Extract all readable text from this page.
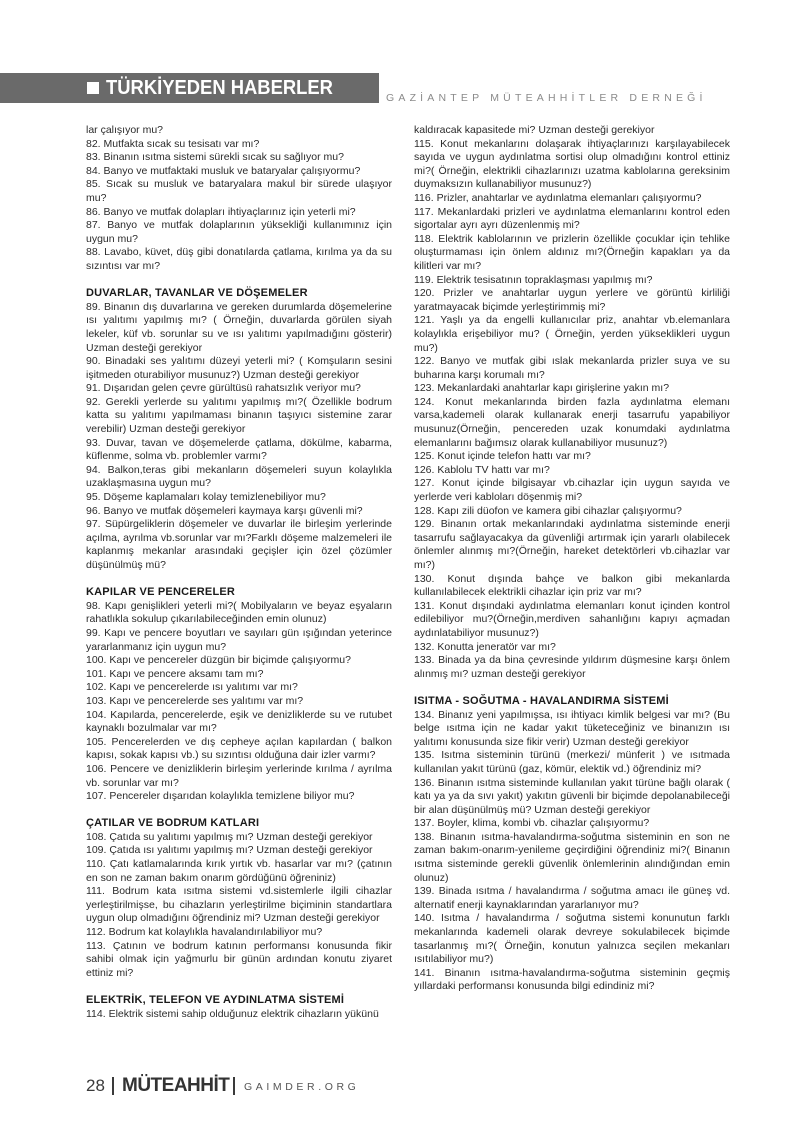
TÜRKİYEDEN HABERLER	GAZİANTEP MÜTEAHHİTLER DERNEĞİ

lar çalışıyor mu?

82. Mutfakta sıcak su tesisatı var mı?

83. Binanın ısıtma sistemi sürekli sıcak su sağlıyor mu?

84. Banyo ve mutfaktaki musluk ve bataryalar çalışıyormu?

85. Sıcak su musluk ve bataryalara makul bir sürede ulaşıyor mu?

86. Banyo ve mutfak dolapları ihtiyaçlarınız için yeterli mi?

87. Banyo ve mutfak dolaplarının yüksekliği kullanımınız için uygun mu?

88. Lavabo, küvet, düş gibi donatılarda çatlama, kırılma ya da su sızıntısı var mı?

DUVARLAR, TAVANLAR VE DÖŞEMELER

89. Binanın dış duvarlarına ve gereken durumlarda döşemelerine ısı yalıtımı yapılmış mı? ( Örneğin, duvarlarda görülen siyah lekeler, küf vb. sorunlar su ve ısı yalıtımı yapılmadığını gösterir) Uzman desteği gerekiyor

90. Binadaki ses yalıtımı düzeyi yeterli mi? ( Komşuların sesini işitmeden oturabiliyor musunuz?) Uzman desteği gerekiyor

91. Dışarıdan gelen çevre gürültüsü rahatsızlık veriyor mu?

92. Gerekli yerlerde su yalıtımı yapılmış mı?( Özellikle bodrum katta su yalıtımı yapılmaması binanın taşıyıcı sistemine zarar verebilir) Uzman desteği gerekiyor

93. Duvar, tavan ve döşemelerde çatlama, dökülme, kabarma, küflenme, solma vb. problemler varmı?

94. Balkon,teras gibi mekanların döşemeleri suyun kolaylıkla uzaklaşmasına uygun mu?

95. Döşeme kaplamaları kolay temizlenebiliyor mu?

96. Banyo ve mutfak döşemeleri kaymaya karşı güvenli mi?

97. Süpürgeliklerin döşemeler ve duvarlar ile birleşim yerlerinde açılma, ayrılma vb.sorunlar var mı?Farklı döşeme malzemeleri ile kaplanmış mekanlar arasındaki geçişler için özel çözümler düşünülmüş mü?

KAPILAR VE PENCERELER

98. Kapı genişlikleri yeterli mi?( Mobilyaların ve beyaz eşyaların rahatlıkla sokulup çıkarılabileceğinden emin olunuz)

99. Kapı ve pencere boyutları ve sayıları gün ışığından yeterince yararlanmanız için uygun mu?

100. Kapı ve pencereler düzgün bir biçimde çalışıyormu?

101. Kapı ve pencere aksamı tam mı?

102. Kapı ve pencerelerde ısı yalıtımı var mı?

103. Kapı ve pencerelerde ses yalıtımı var mı?

104. Kapılarda, pencerelerde, eşik ve denizliklerde su ve rutubet kaynaklı bozulmalar var mı?

105. Pencerelerden ve dış cepheye açılan kapılardan ( balkon kapısı, sokak kapısı vb.) su sızıntısı olduğuna dair izler varmı?

106. Pencere ve denizliklerin birleşim yerlerinde kırılma / ayrılma vb. sorunlar var mı?

107. Pencereler dışarıdan kolaylıkla temizlene biliyor mu?

ÇATILAR VE BODRUM KATLARI

108. Çatıda su yalıtımı yapılmış mı? Uzman desteği gerekiyor

109. Çatıda ısı yalıtımı yapılmış mı? Uzman desteği gerekiyor

110. Çatı katlamalarında kırık yırtık vb. hasarlar var mı? (çatının en son ne zaman bakım onarım gördüğünü öğreniniz)

111. Bodrum kata ısıtma sistemi vd.sistemlerle ilgili cihazlar yerleştirilmişse, bu cihazların yerleştirilme biçiminin standartlara uygun olup olmadığını öğrendiniz mi? Uzman desteği gerekiyor

112. Bodrum kat kolaylıkla havalandırılabiliyor mu?

113. Çatının ve bodrum katının performansı konusunda fikir sahibi olmak için yağmurlu bir günün ardından konutu ziyaret ettiniz mi?

ELEKTRİK, TELEFON VE AYDINLATMA SİSTEMİ

114. Elektrik sistemi sahip olduğunuz elektrik cihazların yükünü

kaldıracak kapasitede mi? Uzman desteği gerekiyor

115. Konut mekanlarını dolaşarak ihtiyaçlarınızı karşılayabilecek sayıda ve uygun aydınlatma sortisi olup olmadığını kontrol ettiniz mi?( Örneğin, elektrikli cihazlarınızı uzatma kablolarına gereksinim duymaksızın kullanabiliyor musunuz?)

116. Prizler, anahtarlar ve aydınlatma elemanları çalışıyormu?

117. Mekanlardaki prizleri ve aydınlatma elemanlarını kontrol eden sigortalar ayrı ayrı düzenlenmiş mi?

118. Elektrik kablolarının ve prizlerin özellikle çocuklar için tehlike oluşturmaması için önlem aldınız mı?(Örneğin kapakları ya da kilitleri var mı?

119. Elektrik tesisatının topraklaşması yapılmış mı?

120. Prizler ve anahtarlar uygun yerlere ve görüntü kirliliği yaratmayacak biçimde yerleştirimmiş mi?

121. Yaşlı ya da engelli kullanıcılar priz, anahtar vb.elemanlara kolaylıkla erişebiliyor mu? ( Örneğin, yerden yükseklikleri uygun mu?)

122. Banyo ve mutfak gibi ıslak mekanlarda prizler suya ve su buharına karşı korumalı mı?

123. Mekanlardaki anahtarlar kapı girişlerine yakın mı?

124. Konut mekanlarında birden fazla aydınlatma elemanı varsa,kademeli olarak kullanarak enerji tasarrufu yapabiliyor musunuz(Örneğin, pencereden uzak konumdaki aydınlatma elemanlarını bağımsız olarak kullanabiliyor musunuz?)

125. Konut içinde telefon hattı var mı?

126. Kablolu TV hattı var mı?

127. Konut içinde bilgisayar vb.cihazlar için uygun sayıda ve yerlerde veri kabloları döşenmiş mi?

128. Kapı zili düofon ve kamera gibi cihazlar çalışıyormu?

129. Binanın ortak mekanlarındaki aydınlatma sisteminde enerji tasarrufu sağlayacakya da güvenliği artırmak için yararlı olabilecek önlemler alınmış mı?(Örneğin, hareket detektörleri vb.cihazlar var mı?)

130. Konut dışında bahçe ve balkon gibi mekanlarda kullanılabilecek elektrikli cihazlar için priz var mı?

131. Konut dışındaki aydınlatma elemanları konut içinden kontrol edilebiliyor mu?(Örneğin,merdiven sahanlığını kapıyı açmadan aydınlatabiliyor musunuz?)

132. Konutta jeneratör var mı?

133. Binada ya da bina çevresinde yıldırım düşmesine karşı önlem alınmış mı? uzman desteği gerekiyor

ISITMA - SOĞUTMA - HAVALANDIRMA SİSTEMİ

134. Binanız yeni yapılmışsa, ısı ihtiyacı kimlik belgesi var mı? (Bu belge ısıtma için ne kadar yakıt tüketeceğiniz ve binanızın ısı yalıtımı konusunda size fikir verir) Uzman desteği gerekiyor

135. Isıtma sisteminin türünü (merkezi/ münferit ) ve ısıtmada kullanılan yakıt türünü (gaz, kömür, elektik vd.) öğrendiniz mi?

136. Binanın ısıtma sisteminde kullanılan yakıt türüne bağlı olarak ( katı ya ya da sıvı yakıt) yakıtın güvenli bir biçimde depolanabileceği bir alan düşünülmüş mü? Uzman desteği gerekiyor

137. Boyler, klima, kombi vb. cihazlar çalışıyormu?

138. Binanın ısıtma-havalandırma-soğutma sisteminin en son ne zaman bakım-onarım-yenileme geçirdiğini öğrendiniz mi?( Binanın ısıtma sisteminde gerekli güvenlik önlemlerinin alındığından emin olunuz)

139. Binada ısıtma / havalandırma / soğutma amacı ile güneş vd. alternatif enerji kaynaklarından yararlanıyor mu?

140. Isıtma / havalandırma / soğutma sistemi konunutun farklı mekanlarında kademeli olarak devreye sokulabilecek biçimde tasarlanmış mı?( Örneğin, konutun yalnızca seçilen mekanları ısıtılabiliyor mu?)

141. Binanın ısıtma-havalandırma-soğutma sisteminin geçmiş yıllardaki performansı konusunda bilgi edindiniz mi?

28 MÜTEAHHİT GAIMDER.ORG
